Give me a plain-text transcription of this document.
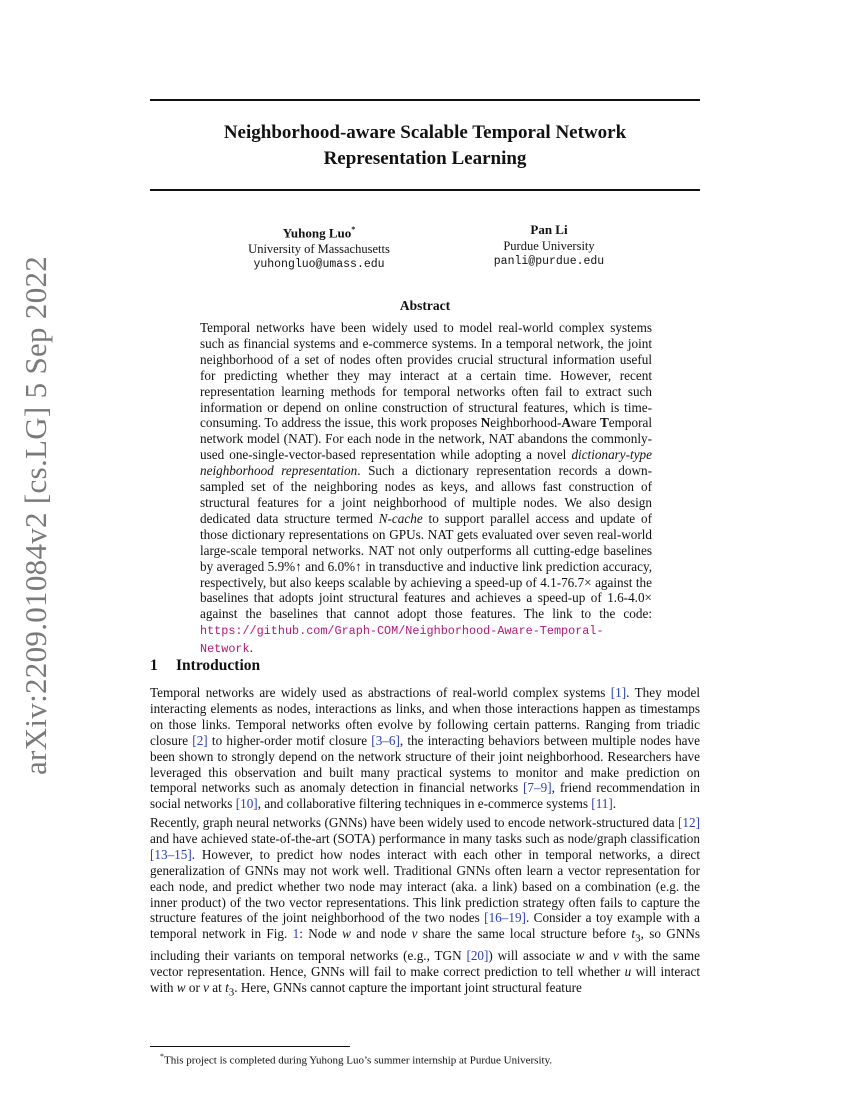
arXiv:2209.01084v2 [cs.LG] 5 Sep 2022
Neighborhood-aware Scalable Temporal Network
Representation Learning
Yuhong Luo*
University of Massachusetts
yuhongluo@umass.edu
Pan Li
Purdue University
panli@purdue.edu
Abstract

Temporal networks have been widely used to model real-world complex systems such as financial systems and e-commerce systems. In a temporal network, the joint neighborhood of a set of nodes often provides crucial structural information useful for predicting whether they may interact at a certain time. However, recent representation learning methods for temporal networks often fail to extract such information or depend on online construction of structural features, which is time-consuming. To address the issue, this work proposes Neighborhood-Aware Temporal network model (NAT). For each node in the network, NAT abandons the commonly-used one-single-vector-based representation while adopting a novel dictionary-type neighborhood representation. Such a dictionary representation records a down-sampled set of the neighboring nodes as keys, and allows fast construction of structural features for a joint neighborhood of multiple nodes. We also design dedicated data structure termed N-cache to support parallel access and update of those dictionary representations on GPUs. NAT gets evaluated over seven real-world large-scale temporal networks. NAT not only outperforms all cutting-edge baselines by averaged 5.9%↑ and 6.0%↑ in transductive and inductive link prediction accuracy, respectively, but also keeps scalable by achieving a speed-up of 4.1-76.7× against the baselines that adopts joint structural features and achieves a speed-up of 1.6-4.0× against the baselines that cannot adopt those features. The link to the code: https://github.com/Graph-COM/Neighborhood-Aware-Temporal-Network.

1 Introduction

Temporal networks are widely used as abstractions of real-world complex systems [1]. They model interacting elements as nodes, interactions as links, and when those interactions happen as timestamps on those links. Temporal networks often evolve by following certain patterns. Ranging from triadic closure [2] to higher-order motif closure [3–6], the interacting behaviors between multiple nodes have been shown to strongly depend on the network structure of their joint neighborhood. Researchers have leveraged this observation and built many practical systems to monitor and make prediction on temporal networks such as anomaly detection in financial networks [7–9], friend recommendation in social networks [10], and collaborative filtering techniques in e-commerce systems [11].

Recently, graph neural networks (GNNs) have been widely used to encode network-structured data [12] and have achieved state-of-the-art (SOTA) performance in many tasks such as node/graph classification [13–15]. However, to predict how nodes interact with each other in temporal networks, a direct generalization of GNNs may not work well. Traditional GNNs often learn a vector representation for each node, and predict whether two node may interact (aka. a link) based on a combination (e.g. the inner product) of the two vector representations. This link prediction strategy often fails to capture the structure features of the joint neighborhood of the two nodes [16–19]. Consider a toy example with a temporal network in Fig. 1: Node w and node v share the same local structure before $t_3$, so GNNs including their variants on temporal networks (e.g., TGN [20]) will associate w and v with the same vector representation. Hence, GNNs will fail to make correct prediction to tell whether u will interact with w or v at $t_3$. Here, GNNs cannot capture the important joint structural feature

*This project is completed during Yuhong Luo’s summer internship at Purdue University.
